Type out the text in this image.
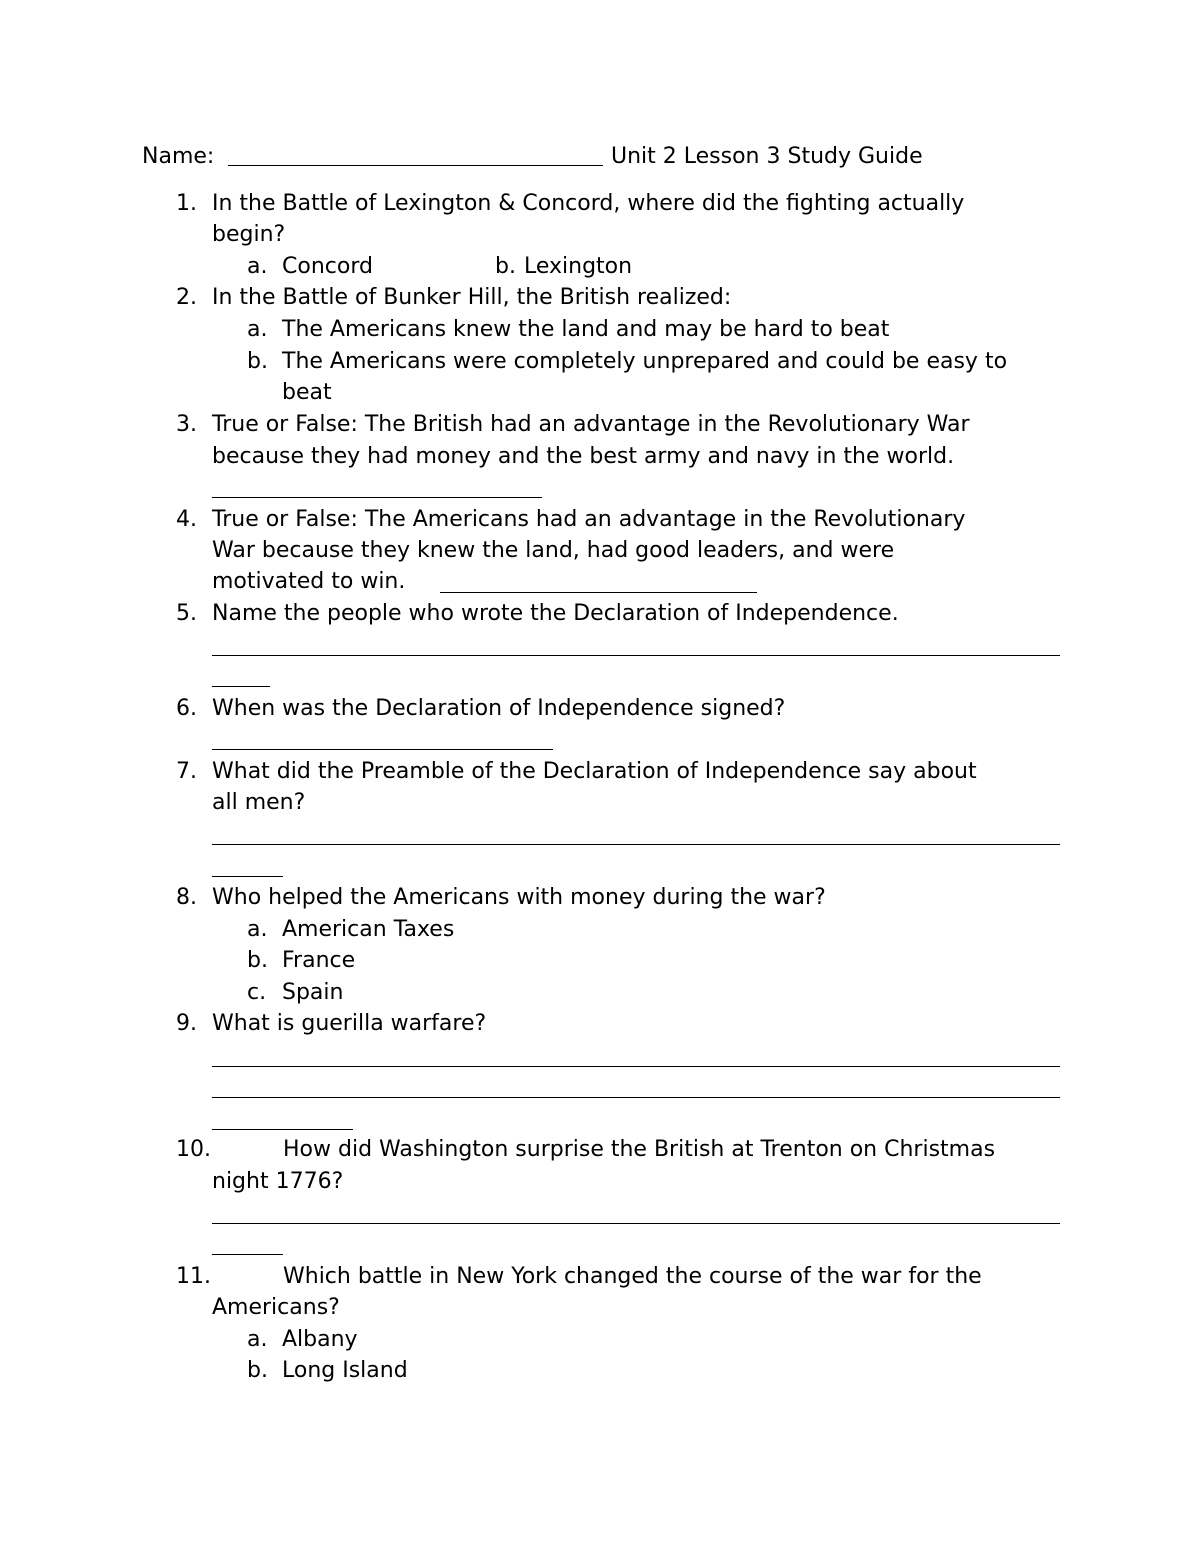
Name:	Unit 2 Lesson 3 Study Guide
1. In the Battle of Lexington & Concord, where did the fighting actually
begin?
a. Concord	b. Lexington
2. In the Battle of Bunker Hill, the British realized:
a. The Americans knew the land and may be hard to beat
b. The Americans were completely unprepared and could be easy to
beat
3. True or False: The British had an advantage in the Revolutionary War
because they had money and the best army and navy in the world.
4. True or False: The Americans had an advantage in the Revolutionary
War because they knew the land, had good leaders, and were
motivated to win.
5. Name the people who wrote the Declaration of Independence.
6. When was the Declaration of Independence signed?
7. What did the Preamble of the Declaration of Independence say about
all men?
8. Who helped the Americans with money during the war?
a. American Taxes
b. France
c. Spain
9. What is guerilla warfare?
10.	How did Washington surprise the British at Trenton on Christmas
night 1776?
11.	Which battle in New York changed the course of the war for the
Americans?
a. Albany
b. Long Island
